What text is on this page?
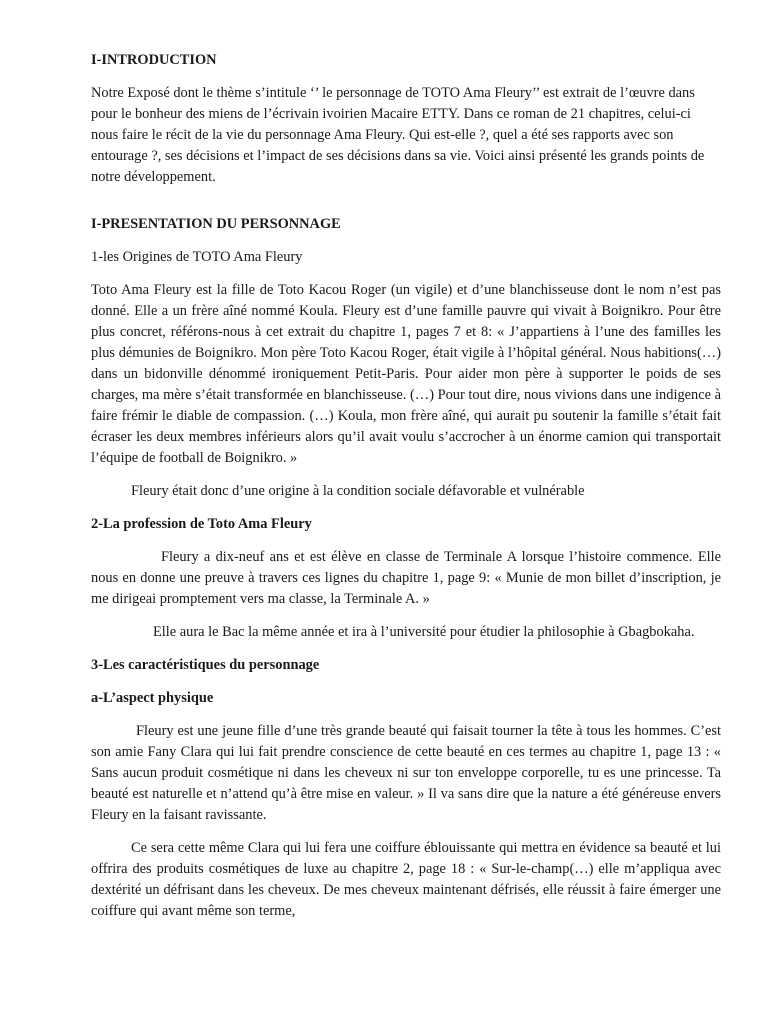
I-INTRODUCTION

Notre Exposé dont le thème s’intitule ‘’ le personnage de TOTO Ama Fleury’’ est extrait de l’œuvre dans pour le bonheur des miens de l’écrivain ivoirien Macaire ETTY. Dans ce roman de 21 chapitres, celui-ci nous faire le récit de la vie du personnage Ama Fleury. Qui est-elle ?, quel a été ses rapports avec son entourage ?, ses décisions et l’impact de ses décisions dans sa vie. Voici ainsi présenté les grands points de notre développement.

I-PRESENTATION DU PERSONNAGE

1-les Origines de TOTO Ama Fleury

Toto Ama Fleury est la fille de Toto Kacou Roger (un vigile) et d’une blanchisseuse dont le nom n’est pas donné. Elle a un frère aîné nommé Koula. Fleury est d’une famille pauvre qui vivait à Boignikro. Pour être plus concret, référons-nous à cet extrait du chapitre 1, pages 7 et 8: « J’appartiens à l’une des familles les plus démunies de Boignikro. Mon père Toto Kacou Roger, était vigile à l’hôpital général. Nous habitions(…) dans un bidonville dénommé ironiquement Petit-Paris. Pour aider mon père à supporter le poids de ses charges, ma mère s’était transformée en blanchisseuse. (…) Pour tout dire, nous vivions dans une indigence à faire frémir le diable de compassion. (…) Koula, mon frère aîné, qui aurait pu soutenir la famille s’était fait écraser les deux membres inférieurs alors qu’il avait voulu s’accrocher à un énorme camion qui transportait l’équipe de football de Boignikro. »

Fleury était donc d’une origine à la condition sociale défavorable et vulnérable

2-La profession de Toto Ama Fleury

Fleury a dix-neuf ans et est élève en classe de Terminale A lorsque l’histoire commence. Elle nous en donne une preuve à travers ces lignes du chapitre 1, page 9: « Munie de mon billet d’inscription, je me dirigeai promptement vers ma classe, la Terminale A. »

Elle aura le Bac la même année et ira à l’université pour étudier la philosophie à Gbagbokaha.

3-Les caractéristiques du personnage
a-L’aspect physique

Fleury est une jeune fille d’une très grande beauté qui faisait tourner la tête à tous les hommes. C’est son amie Fany Clara qui lui fait prendre conscience de cette beauté en ces termes au chapitre 1, page 13 : « Sans aucun produit cosmétique ni dans les cheveux ni sur ton enveloppe corporelle, tu es une princesse. Ta beauté est naturelle et n’attend qu’à être mise en valeur. » Il va sans dire que la nature a été généreuse envers Fleury en la faisant ravissante.

Ce sera cette même Clara qui lui fera une coiffure éblouissante qui mettra en évidence sa beauté et lui offrira des produits cosmétiques de luxe au chapitre 2, page 18 : « Sur-le-champ(…) elle m’appliqua avec dextérité un défrisant dans les cheveux. De mes cheveux maintenant défrisés, elle réussit à faire émerger une coiffure qui avant même son terme,
